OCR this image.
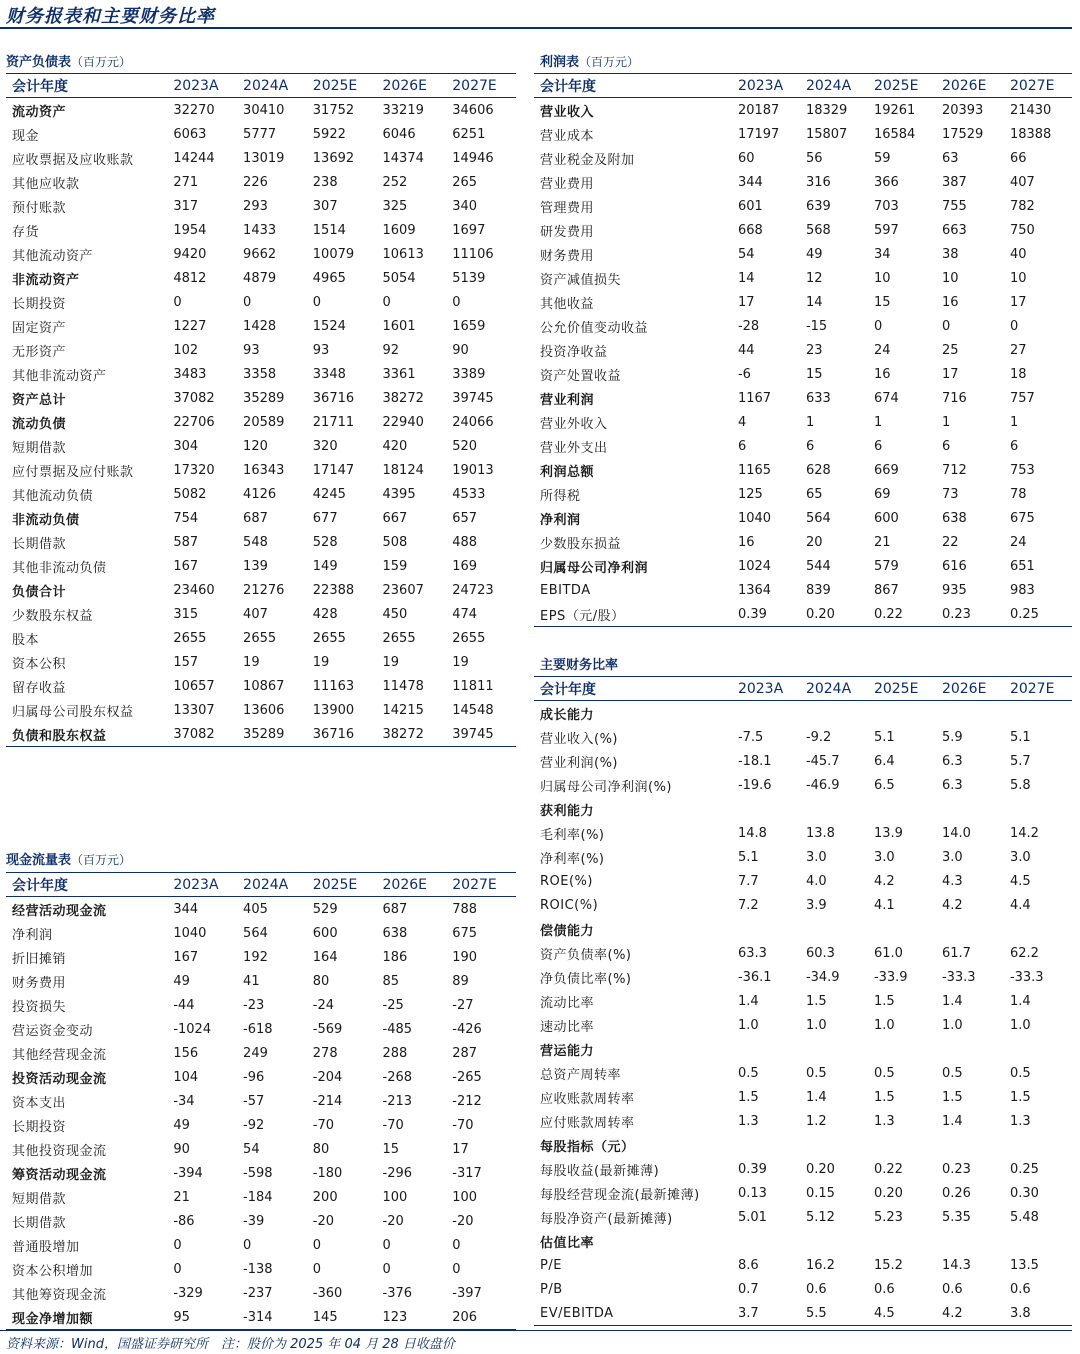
财务报表和主要财务比率
资产负债表（百万元）
会计年度	2023A	2024A	2025E	2026E	2027E
流动资产	32270	30410	31752	33219	34606
现金	6063	5777	5922	6046	6251
应收票据及应收账款	14244	13019	13692	14374	14946
其他应收款	271	226	238	252	265
预付账款	317	293	307	325	340
存货	1954	1433	1514	1609	1697
其他流动资产	9420	9662	10079	10613	11106
非流动资产	4812	4879	4965	5054	5139
长期投资	0	0	0	0	0
固定资产	1227	1428	1524	1601	1659
无形资产	102	93	93	92	90
其他非流动资产	3483	3358	3348	3361	3389
资产总计	37082	35289	36716	38272	39745
流动负债	22706	20589	21711	22940	24066
短期借款	304	120	320	420	520
应付票据及应付账款	17320	16343	17147	18124	19013
其他流动负债	5082	4126	4245	4395	4533
非流动负债	754	687	677	667	657
长期借款	587	548	528	508	488
其他非流动负债	167	139	149	159	169
负债合计	23460	21276	22388	23607	24723
少数股东权益	315	407	428	450	474
股本	2655	2655	2655	2655	2655
资本公积	157	19	19	19	19
留存收益	10657	10867	11163	11478	11811
归属母公司股东权益	13307	13606	13900	14215	14548
负债和股东权益	37082	35289	36716	38272	39745
现金流量表（百万元）
会计年度	2023A	2024A	2025E	2026E	2027E
经营活动现金流	344	405	529	687	788
净利润	1040	564	600	638	675
折旧摊销	167	192	164	186	190
财务费用	49	41	80	85	89
投资损失	-44	-23	-24	-25	-27
营运资金变动	-1024	-618	-569	-485	-426
其他经营现金流	156	249	278	288	287
投资活动现金流	104	-96	-204	-268	-265
资本支出	-34	-57	-214	-213	-212
长期投资	49	-92	-70	-70	-70
其他投资现金流	90	54	80	15	17
筹资活动现金流	-394	-598	-180	-296	-317
短期借款	21	-184	200	100	100
长期借款	-86	-39	-20	-20	-20
普通股增加	0	0	0	0	0
资本公积增加	0	-138	0	0	0
其他筹资现金流	-329	-237	-360	-376	-397
现金净增加额	95	-314	145	123	206
利润表（百万元）
会计年度	2023A	2024A	2025E	2026E	2027E
营业收入	20187	18329	19261	20393	21430
营业成本	17197	15807	16584	17529	18388
营业税金及附加	60	56	59	63	66
营业费用	344	316	366	387	407
管理费用	601	639	703	755	782
研发费用	668	568	597	663	750
财务费用	54	49	34	38	40
资产减值损失	14	12	10	10	10
其他收益	17	14	15	16	17
公允价值变动收益	-28	-15	0	0	0
投资净收益	44	23	24	25	27
资产处置收益	-6	15	16	17	18
营业利润	1167	633	674	716	757
营业外收入	4	1	1	1	1
营业外支出	6	6	6	6	6
利润总额	1165	628	669	712	753
所得税	125	65	69	73	78
净利润	1040	564	600	638	675
少数股东损益	16	20	21	22	24
归属母公司净利润	1024	544	579	616	651
EBITDA	1364	839	867	935	983
EPS（元/股）	0.39	0.20	0.22	0.23	0.25
主要财务比率
会计年度	2023A	2024A	2025E	2026E	2027E
成长能力					
营业收入(%)	-7.5	-9.2	5.1	5.9	5.1
营业利润(%)	-18.1	-45.7	6.4	6.3	5.7
归属母公司净利润(%)	-19.6	-46.9	6.5	6.3	5.8
获利能力					
毛利率(%)	14.8	13.8	13.9	14.0	14.2
净利率(%)	5.1	3.0	3.0	3.0	3.0
ROE(%)	7.7	4.0	4.2	4.3	4.5
ROIC(%)	7.2	3.9	4.1	4.2	4.4
偿债能力					
资产负债率(%)	63.3	60.3	61.0	61.7	62.2
净负债比率(%)	-36.1	-34.9	-33.9	-33.3	-33.3
流动比率	1.4	1.5	1.5	1.4	1.4
速动比率	1.0	1.0	1.0	1.0	1.0
营运能力					
总资产周转率	0.5	0.5	0.5	0.5	0.5
应收账款周转率	1.5	1.4	1.5	1.5	1.5
应付账款周转率	1.3	1.2	1.3	1.4	1.3
每股指标（元）					
每股收益(最新摊薄)	0.39	0.20	0.22	0.23	0.25
每股经营现金流(最新摊薄)	0.13	0.15	0.20	0.26	0.30
每股净资产(最新摊薄)	5.01	5.12	5.23	5.35	5.48
估值比率					
P/E	8.6	16.2	15.2	14.3	13.5
P/B	0.7	0.6	0.6	0.6	0.6
EV/EBITDA	3.7	5.5	4.5	4.2	3.8
资料来源：Wind，国盛证券研究所　注：股价为 2025 年 04 月 28 日收盘价
